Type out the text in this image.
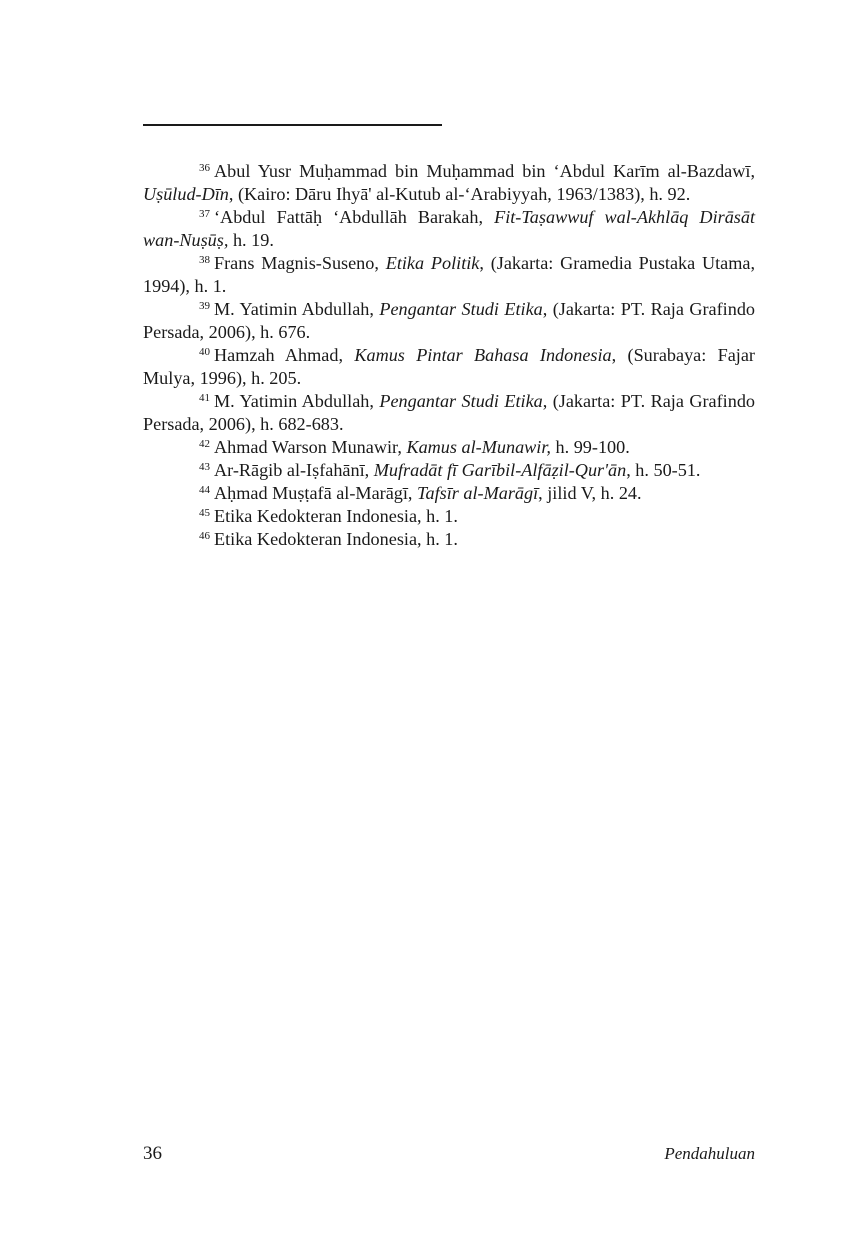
$^{36}$ Abul Yusr Muḥammad bin Muḥammad bin ‘Abdul Karīm al-Bazdawī, Uṣūlud-Dīn, (Kairo: Dāru Ihyā' al-Kutub al-‘Arabiyyah, 1963/1383), h. 92.

$^{37}$ ‘Abdul Fattāḥ ‘Abdullāh Barakah, Fit-Taṣawwuf wal-Akhlāq Dirāsāt wan-Nuṣūṣ, h. 19.

$^{38}$ Frans Magnis-Suseno, Etika Politik, (Jakarta: Gramedia Pustaka Utama, 1994), h. 1.

$^{39}$ M. Yatimin Abdullah, Pengantar Studi Etika, (Jakarta: PT. Raja Grafindo Persada, 2006), h. 676.

$^{40}$ Hamzah Ahmad, Kamus Pintar Bahasa Indonesia, (Surabaya: Fajar Mulya, 1996), h. 205.

$^{41}$ M. Yatimin Abdullah, Pengantar Studi Etika, (Jakarta: PT. Raja Grafindo Persada, 2006), h. 682-683.

$^{42}$ Ahmad Warson Munawir, Kamus al-Munawir, h. 99-100.

$^{43}$ Ar-Rāgib al-Iṣfahānī, Mufradāt fī Garībil-Alfāẓil-Qur'ān, h. 50-51.

$^{44}$ Aḥmad Muṣṭafā al-Marāgī, Tafsīr al-Marāgī, jilid V, h. 24.

$^{45}$ Etika Kedokteran Indonesia, h. 1.

$^{46}$ Etika Kedokteran Indonesia, h. 1.

36	Pendahuluan
